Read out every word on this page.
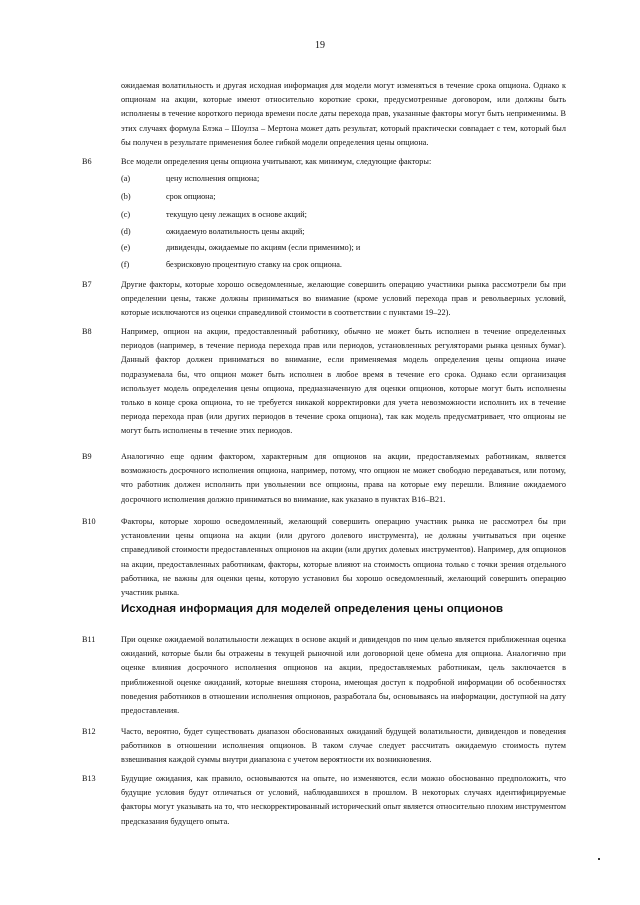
19
ожидаемая волатильность и другая исходная информация для модели могут изменяться в течение срока опциона. Однако к опционам на акции, которые имеют относительно короткие сроки, предусмотренные договором, или должны быть исполнены в течение короткого периода времени после даты перехода прав, указанные факторы могут быть неприменимы. В этих случаях формула Блэка – Шоулза – Мертона может дать результат, который практически совпадает с тем, который был бы получен в результате применения более гибкой модели определения цены опциона.
B6	Все модели определения цены опциона учитывают, как минимум, следующие факторы:
(a)	цену исполнения опциона;
(b)	срок опциона;
(c)	текущую цену лежащих в основе акций;
(d)	ожидаемую волатильность цены акций;
(e)	дивиденды, ожидаемые по акциям (если применимо); и
(f)	безрисковую процентную ставку на срок опциона.
B7	Другие факторы, которые хорошо осведомленные, желающие совершить операцию участники рынка рассмотрели бы при определении цены, также должны приниматься во внимание (кроме условий перехода прав и револьверных условий, которые исключаются из оценки справедливой стоимости в соответствии с пунктами 19–22).
B8	Например, опцион на акции, предоставленный работнику, обычно не может быть исполнен в течение определенных периодов (например, в течение периода перехода прав или периодов, установленных регуляторами рынка ценных бумаг). Данный фактор должен приниматься во внимание, если применяемая модель определения цены опциона иначе подразумевала бы, что опцион может быть исполнен в любое время в течение его срока. Однако если организация использует модель определения цены опциона, предназначенную для оценки опционов, которые могут быть исполнены только в конце срока опциона, то не требуется никакой корректировки для учета невозможности исполнить их в течение периода перехода прав (или других периодов в течение срока опциона), так как модель предусматривает, что опционы не могут быть исполнены в течение этих периодов.
B9	Аналогично еще одним фактором, характерным для опционов на акции, предоставляемых работникам, является возможность досрочного исполнения опциона, например, потому, что опцион не может свободно передаваться, или потому, что работник должен исполнить при увольнении все опционы, права на которые ему перешли. Влияние ожидаемого досрочного исполнения должно приниматься во внимание, как указано в пунктах B16–B21.
B10	Факторы, которые хорошо осведомленный, желающий совершить операцию участник рынка не рассмотрел бы при установлении цены опциона на акции (или другого долевого инструмента), не должны учитываться при оценке справедливой стоимости предоставленных опционов на акции (или других долевых инструментов). Например, для опционов на акции, предоставленных работникам, факторы, которые влияют на стоимость опциона только с точки зрения отдельного работника, не важны для оценки цены, которую установил бы хорошо осведомленный, желающий совершить операцию участник рынка.
Исходная информация для моделей определения цены опционов
B11	При оценке ожидаемой волатильности лежащих в основе акций и дивидендов по ним целью является приближенная оценка ожиданий, которые были бы отражены в текущей рыночной или договорной цене обмена для опциона. Аналогично при оценке влияния досрочного исполнения опционов на акции, предоставляемых работникам, цель заключается в приближенной оценке ожиданий, которые внешняя сторона, имеющая доступ к подробной информации об особенностях поведения работников в отношении исполнения опционов, разработала бы, основываясь на информации, доступной на дату предоставления.
B12	Часто, вероятно, будет существовать диапазон обоснованных ожиданий будущей волатильности, дивидендов и поведения работников в отношении исполнения опционов. В таком случае следует рассчитать ожидаемую стоимость путем взвешивания каждой суммы внутри диапазона с учетом вероятности их возникновения.
B13	Будущие ожидания, как правило, основываются на опыте, но изменяются, если можно обоснованно предположить, что будущие условия будут отличаться от условий, наблюдавшихся в прошлом. В некоторых случаях идентифицируемые факторы могут указывать на то, что нескорректированный исторический опыт является относительно плохим инструментом предсказания будущего опыта.
